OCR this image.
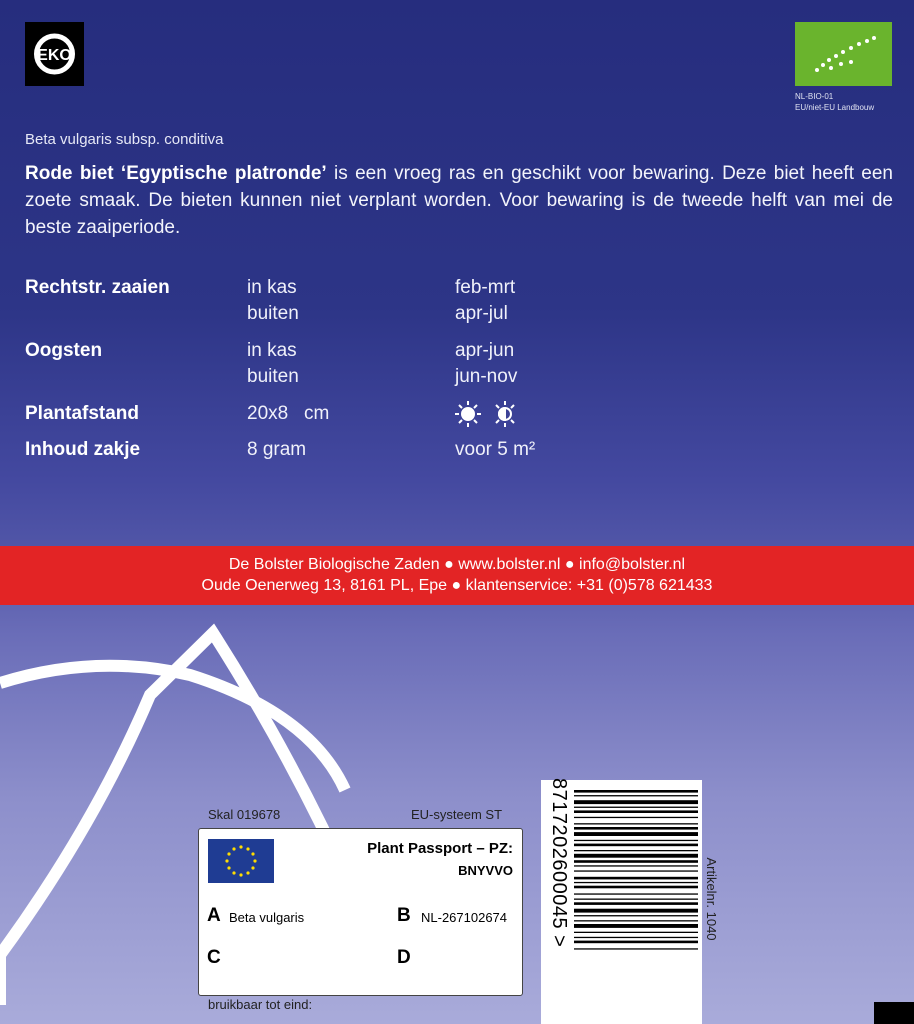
EKO
NL-BIO-01
EU/niet-EU Landbouw
Beta vulgaris subsp. conditiva

Rode biet ‘Egyptische platronde’ is een vroeg ras en geschikt voor bewaring. Deze biet heeft een zoete smaak. De bieten kunnen niet verplant worden. Voor bewaring is de tweede helft van mei de beste zaaiperiode.

Rechtstr. zaaien	in kas	feb-mrt
buiten	apr-jul
Oogsten	in kas	apr-jun
buiten	jun-nov
Plantafstand	20x8 cm
Inhoud zakje	8 gram	voor 5 m²
De Bolster Biologische Zaden ● www.bolster.nl ● info@bolster.nl
Oude Oenerweg 13, 8161 PL, Epe ● klantenservice: +31 (0)578 621433
Skal 019678	EU-systeem ST
Plant Passport – PZ:
BNYVVO
A Beta vulgaris	B NL-267102674
C	D
bruikbaar tot eind:
8717202600045 >
Artikelnr. 1040
